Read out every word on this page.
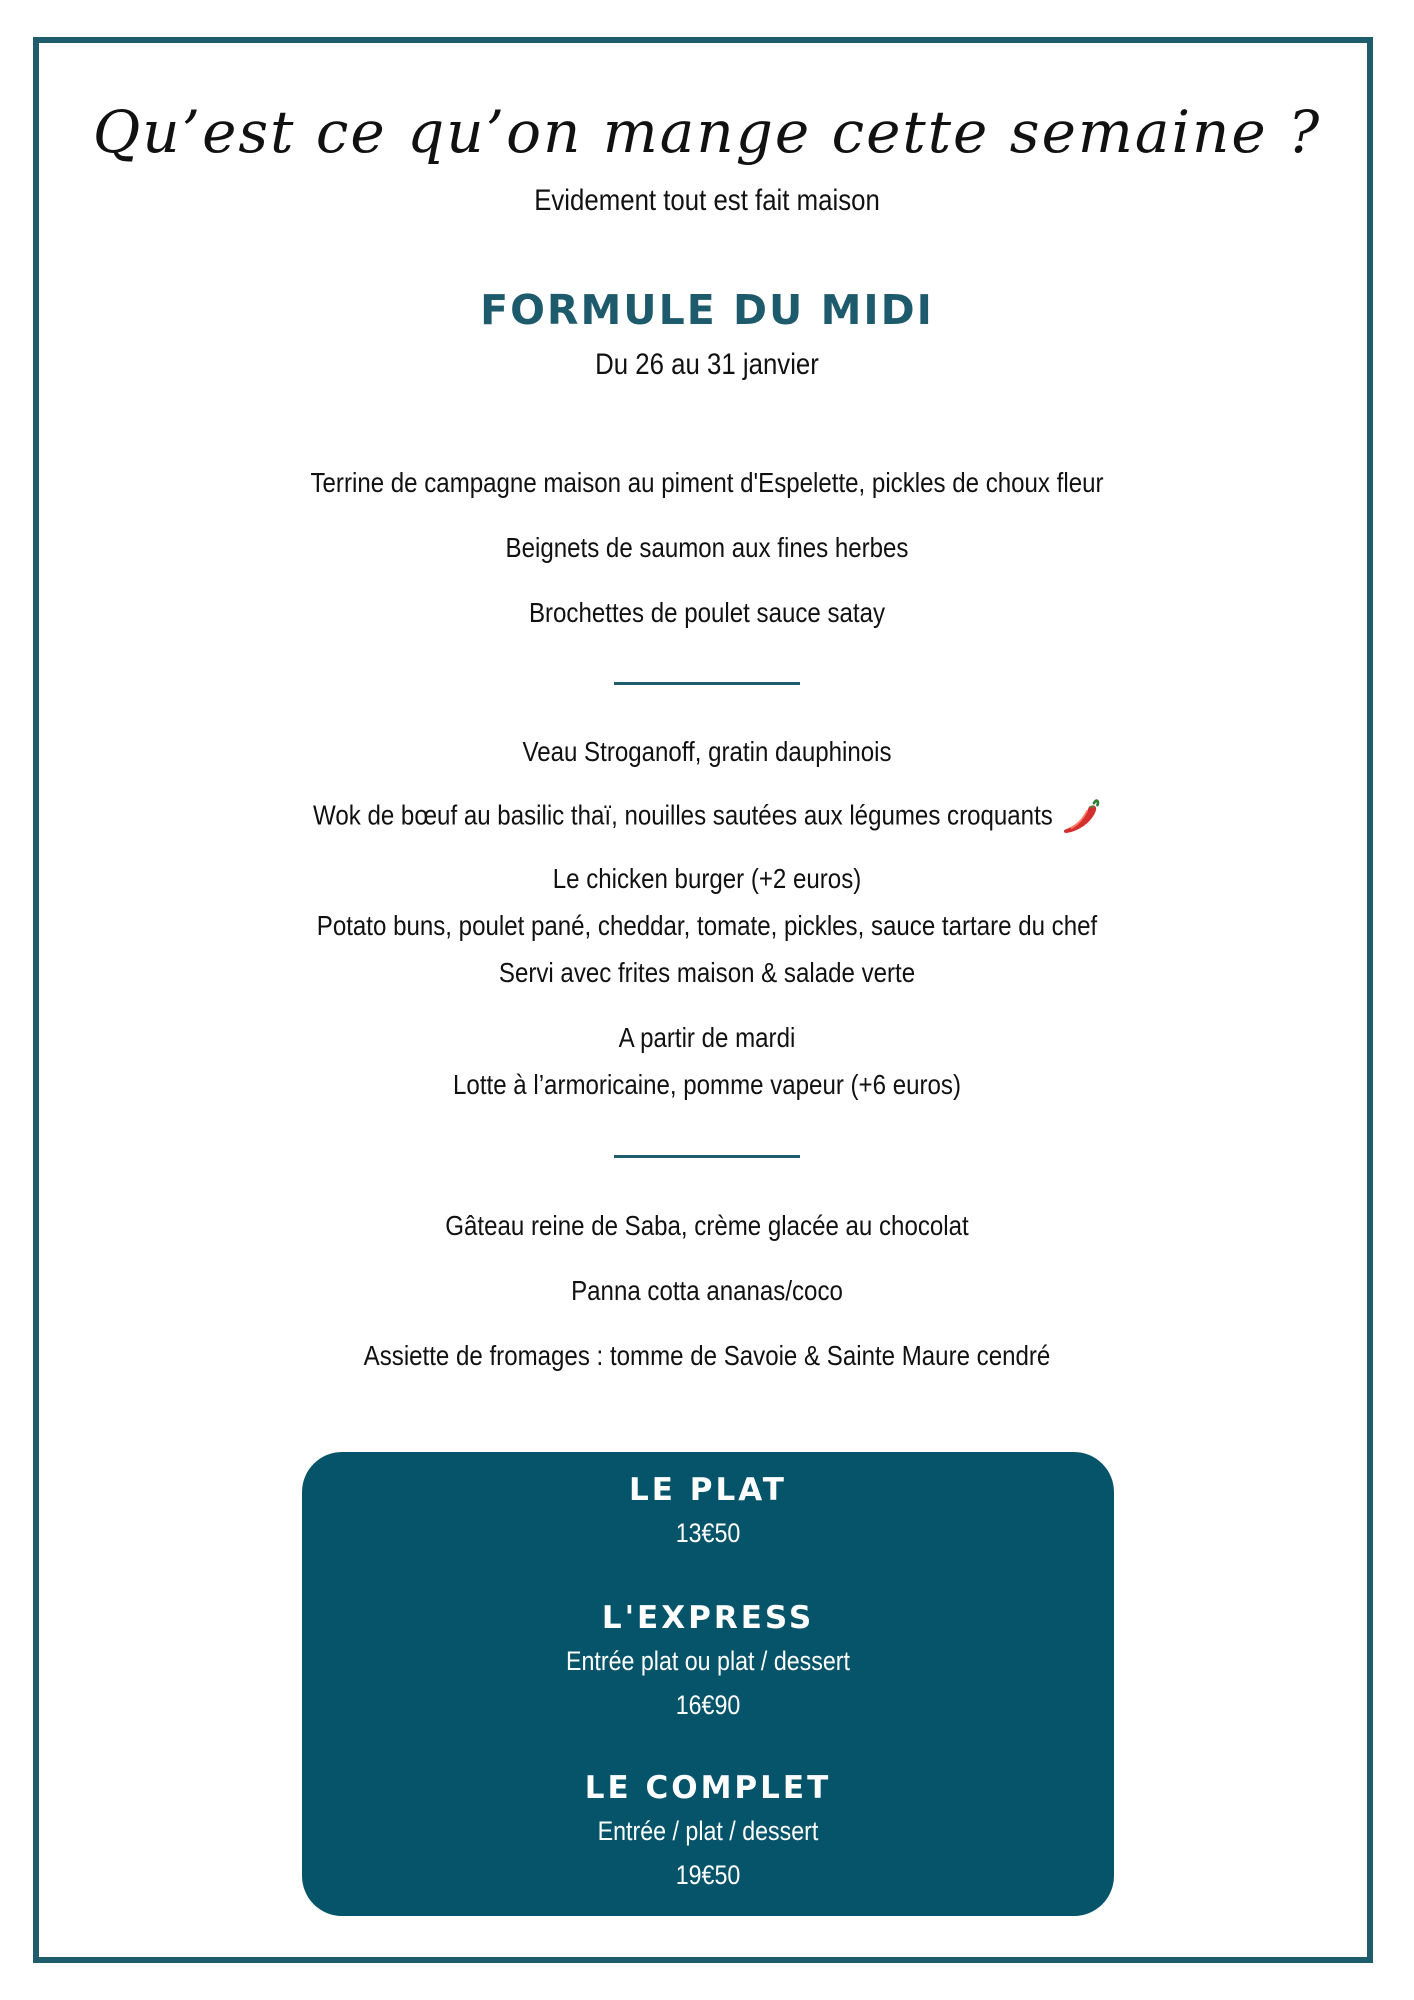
Qu’est ce qu’on mange cette semaine ?
Evidement tout est fait maison
FORMULE DU MIDI
Du 26 au 31 janvier
Terrine de campagne maison au piment d'Espelette, pickles de choux fleur
Beignets de saumon aux fines herbes
Brochettes de poulet sauce satay
Veau Stroganoff, gratin dauphinois
Wok de bœuf au basilic thaï, nouilles sautées aux légumes croquants
Le chicken burger (+2 euros)
Potato buns, poulet pané, cheddar, tomate, pickles, sauce tartare du chef
Servi avec frites maison & salade verte
A partir de mardi
Lotte à l’armoricaine, pomme vapeur (+6 euros)
Gâteau reine de Saba, crème glacée au chocolat
Panna cotta ananas/coco
Assiette de fromages : tomme de Savoie & Sainte Maure cendré
LE PLAT
13€50
L'EXPRESS
Entrée plat ou plat / dessert
16€90
LE COMPLET
Entrée / plat / dessert
19€50
